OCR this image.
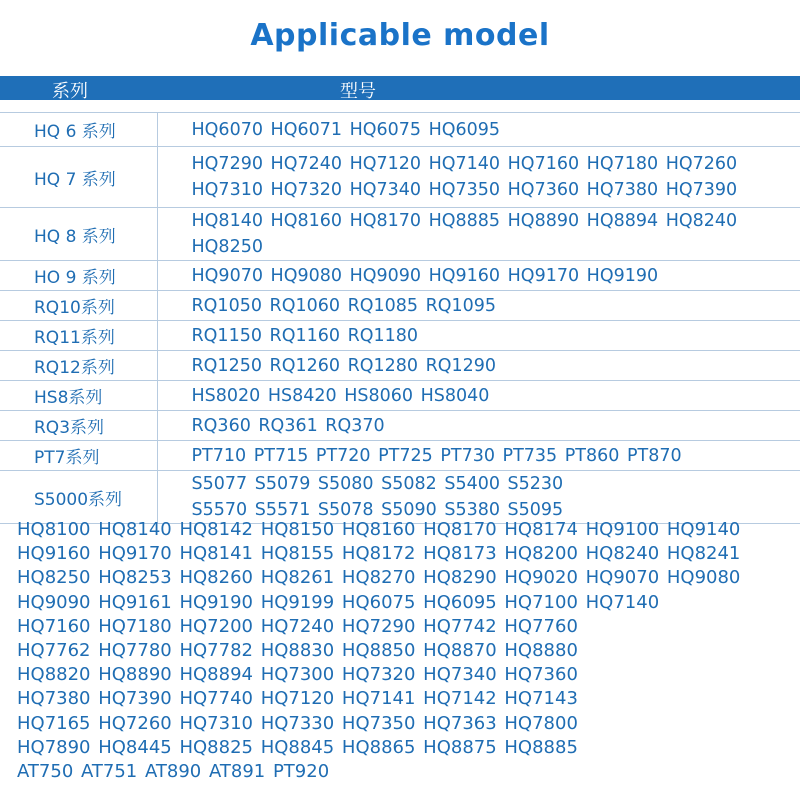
Applicable model
系列	型号
HQ 6 系列	HQ6070 HQ6071 HQ6075 HQ6095

HQ 7 系列	HQ7290 HQ7240 HQ7120 HQ7140 HQ7160 HQ7180 HQ7260
HQ7310 HQ7320 HQ7340 HQ7350 HQ7360 HQ7380 HQ7390

HQ 8 系列	HQ8140 HQ8160 HQ8170 HQ8885 HQ8890 HQ8894 HQ8240
HQ8250

HO 9 系列	HQ9070 HQ9080 HQ9090 HQ9160 HQ9170 HQ9190

RQ10系列	RQ1050 RQ1060 RQ1085 RQ1095

RQ11系列	RQ1150 RQ1160 RQ1180

RQ12系列	RQ1250 RQ1260 RQ1280 RQ1290

HS8系列	HS8020 HS8420 HS8060 HS8040

RQ3系列	RQ360 RQ361 RQ370

PT7系列	PT710 PT715 PT720 PT725 PT730 PT735 PT860 PT870

S5000系列	S5077 S5079 S5080 S5082 S5400 S5230
S5570 S5571 S5078 S5090 S5380 S5095
HQ8100 HQ8140 HQ8142 HQ8150 HQ8160 HQ8170 HQ8174 HQ9100 HQ9140
HQ9160 HQ9170 HQ8141 HQ8155 HQ8172 HQ8173 HQ8200 HQ8240 HQ8241
HQ8250 HQ8253 HQ8260 HQ8261 HQ8270 HQ8290 HQ9020 HQ9070 HQ9080
HQ9090 HQ9161 HQ9190 HQ9199 HQ6075 HQ6095 HQ7100 HQ7140
HQ7160 HQ7180 HQ7200 HQ7240 HQ7290 HQ7742 HQ7760
HQ7762 HQ7780 HQ7782 HQ8830 HQ8850 HQ8870 HQ8880
HQ8820 HQ8890 HQ8894 HQ7300 HQ7320 HQ7340 HQ7360
HQ7380 HQ7390 HQ7740 HQ7120 HQ7141 HQ7142 HQ7143
HQ7165 HQ7260 HQ7310 HQ7330 HQ7350 HQ7363 HQ7800
HQ7890 HQ8445 HQ8825 HQ8845 HQ8865 HQ8875 HQ8885
AT750 AT751 AT890 AT891 PT920
